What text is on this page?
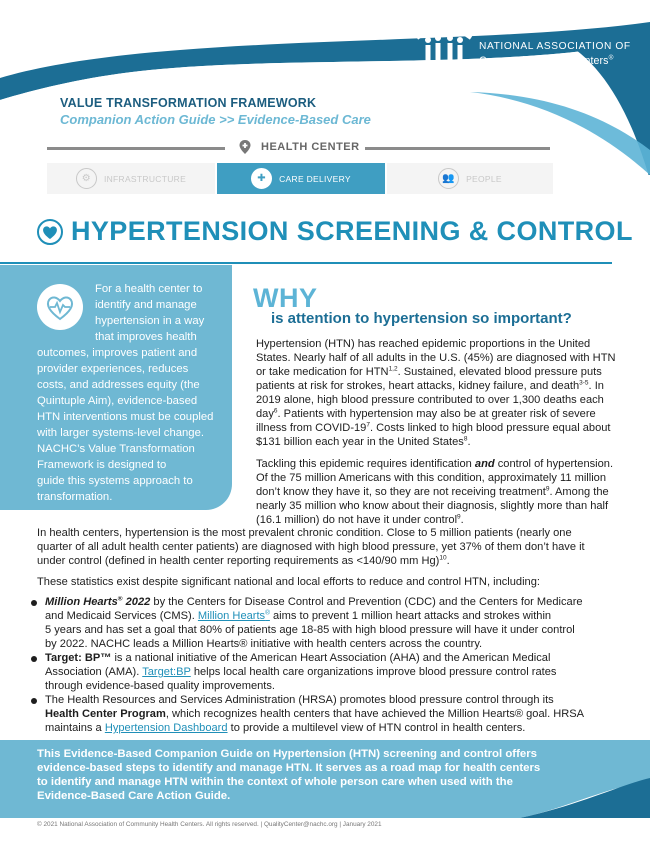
NATIONAL ASSOCIATION OF
Community Health Centers®
VALUE TRANSFORMATION FRAMEWORK
Companion Action Guide >> Evidence-Based Care
HEALTH CENTER
⚙	INFRASTRUCTURE	✚	CARE DELIVERY	👥	PEOPLE
HYPERTENSION SCREENING & CONTROL
For a health center to
identify and manage
hypertension in a way
that improves health
outcomes, improves patient and
provider experiences, reduces
costs, and addresses equity (the
Quintuple Aim), evidence-based
HTN interventions must be coupled
with larger systems-level change.
NACHC’s Value Transformation
Framework is designed to
guide this systems approach to
transformation.
WHY
is attention to hypertension so important?
Hypertension (HTN) has reached epidemic proportions in the United
States. Nearly half of all adults in the U.S. (45%) are diagnosed with HTN
or take medication for HTN$^{1,2}$. Sustained, elevated blood pressure puts
patients at risk for strokes, heart attacks, kidney failure, and death$^{3-5}$. In
2019 alone, high blood pressure contributed to over 1,300 deaths each
day$^6$. Patients with hypertension may also be at greater risk of severe
illness from COVID-$19^7$. Costs linked to high blood pressure equal about
$131 billion each year in the United States$^8$.
Tackling this epidemic requires identification and control of hypertension.
Of the 75 million Americans with this condition, approximately 11 million
don’t know they have it, so they are not receiving treatment$^9$. Among the
nearly 35 million who know about their diagnosis, slightly more than half
(16.1 million) do not have it under control$^9$.
In health centers, hypertension is the most prevalent chronic condition. Close to 5 million patients (nearly one
quarter of all adult health center patients) are diagnosed with high blood pressure, yet 37% of them don’t have it
under control (defined in health center reporting requirements as <140/90 mm Hg)$^{10}$.
These statistics exist despite significant national and local efforts to reduce and control HTN, including:
Million Hearts® 2022 by the Centers for Disease Control and Prevention (CDC) and the Centers for Medicare
and Medicaid Services (CMS). Million Hearts® aims to prevent 1 million heart attacks and strokes within
5 years and has set a goal that 80% of patients age 18-85 with high blood pressure will have it under control
by 2022. NACHC leads a Million Hearts® initiative with health centers across the country.
Target: BP™ is a national initiative of the American Heart Association (AHA) and the American Medical
Association (AMA). Target:BP helps local health care organizations improve blood pressure control rates
through evidence-based quality improvements.
The Health Resources and Services Administration (HRSA) promotes blood pressure control through its
Health Center Program, which recognizes health centers that have achieved the Million Hearts® goal. HRSA
maintains a Hypertension Dashboard to provide a multilevel view of HTN control in health centers.
This Evidence-Based Companion Guide on Hypertension (HTN) screening and control offers
evidence-based steps to identify and manage HTN. It serves as a road map for health centers
to identify and manage HTN within the context of whole person care when used with the
Evidence-Based Care Action Guide.
© 2021 National Association of Community Health Centers. All rights reserved. | QualityCenter@nachc.org | January 2021
